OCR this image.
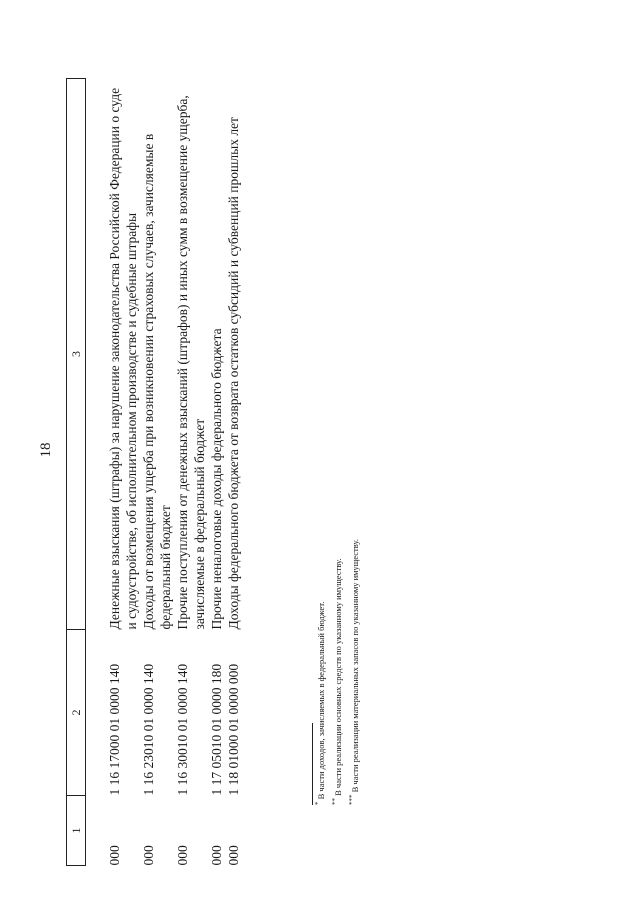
18
1	2	3
000	1 16 17000 01 0000 140	Денежные взыскания (штрафы) за нарушение законодательства Российской Федерации о суде и судоустройстве, об исполнительном производстве и судебные штрафы
000	1 16 23010 01 0000 140	Доходы от возмещения ущерба при возникновении страховых случаев, зачисляемые в федеральный бюджет
000	1 16 30010 01 0000 140	Прочие поступления от денежных взысканий (штрафов) и иных сумм в возмещение ущерба, зачисляемые в федеральный бюджет
000	1 17 05010 01 0000 180	Прочие неналоговые доходы федерального бюджета
000	1 18 01000 01 0000 000	Доходы федерального бюджета от возврата остатков субсидий и субвенций прошлых лет
* В части доходов, зачисляемых в федеральный бюджет.
** В части реализации основных средств по указанному имуществу.
*** В части реализации материальных запасов по указанному имуществу.
